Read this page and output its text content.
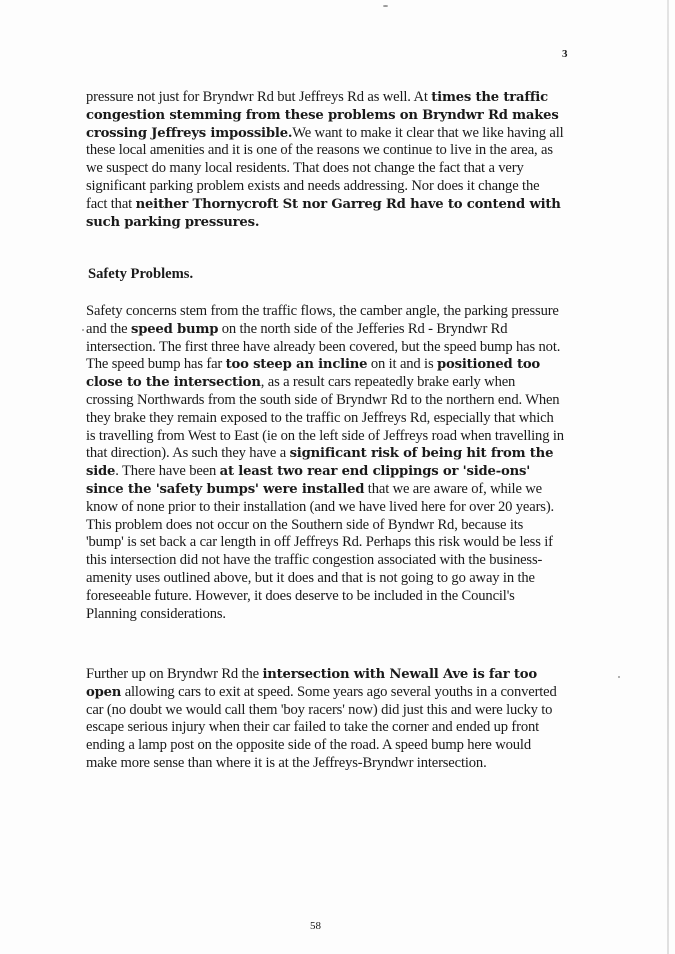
3
pressure not just for Bryndwr Rd but Jeffreys Rd as well. At times the traffic congestion stemming from these problems on Bryndwr Rd makes crossing Jeffreys impossible.We want to make it clear that we like having all these local amenities and it is one of the reasons we continue to live in the area, as we suspect do many local residents. That does not change the fact that a very significant parking problem exists and needs addressing. Nor does it change the fact that neither Thornycroft St nor Garreg Rd have to contend with such parking pressures.
Safety Problems.
Safety concerns stem from the traffic flows, the camber angle, the parking pressure and the speed bump on the north side of the Jefferies Rd - Bryndwr Rd intersection. The first three have already been covered, but the speed bump has not. The speed bump has far too steep an incline on it and is positioned too close to the intersection, as a result cars repeatedly brake early when crossing Northwards from the south side of Bryndwr Rd to the northern end. When they brake they remain exposed to the traffic on Jeffreys Rd, especially that which is travelling from West to East (ie on the left side of Jeffreys road when travelling in that direction). As such they have a significant risk of being hit from the side. There have been at least two rear end clippings or 'side-ons' since the 'safety bumps' were installed that we are aware of, while we know of none prior to their installation (and we have lived here for over 20 years). This problem does not occur on the Southern side of Byndwr Rd, because its 'bump' is set back a car length in off Jeffreys Rd. Perhaps this risk would be less if this intersection did not have the traffic congestion associated with the business-amenity uses outlined above, but it does and that is not going to go away in the foreseeable future. However, it does deserve to be included in the Council's Planning considerations.
Further up on Bryndwr Rd the intersection with Newall Ave is far too open allowing cars to exit at speed. Some years ago several youths in a converted car (no doubt we would call them 'boy racers' now) did just this and were lucky to escape serious injury when their car failed to take the corner and ended up front ending a lamp post on the opposite side of the road. A speed bump here would make more sense than where it is at the Jeffreys-Bryndwr intersection.
58
